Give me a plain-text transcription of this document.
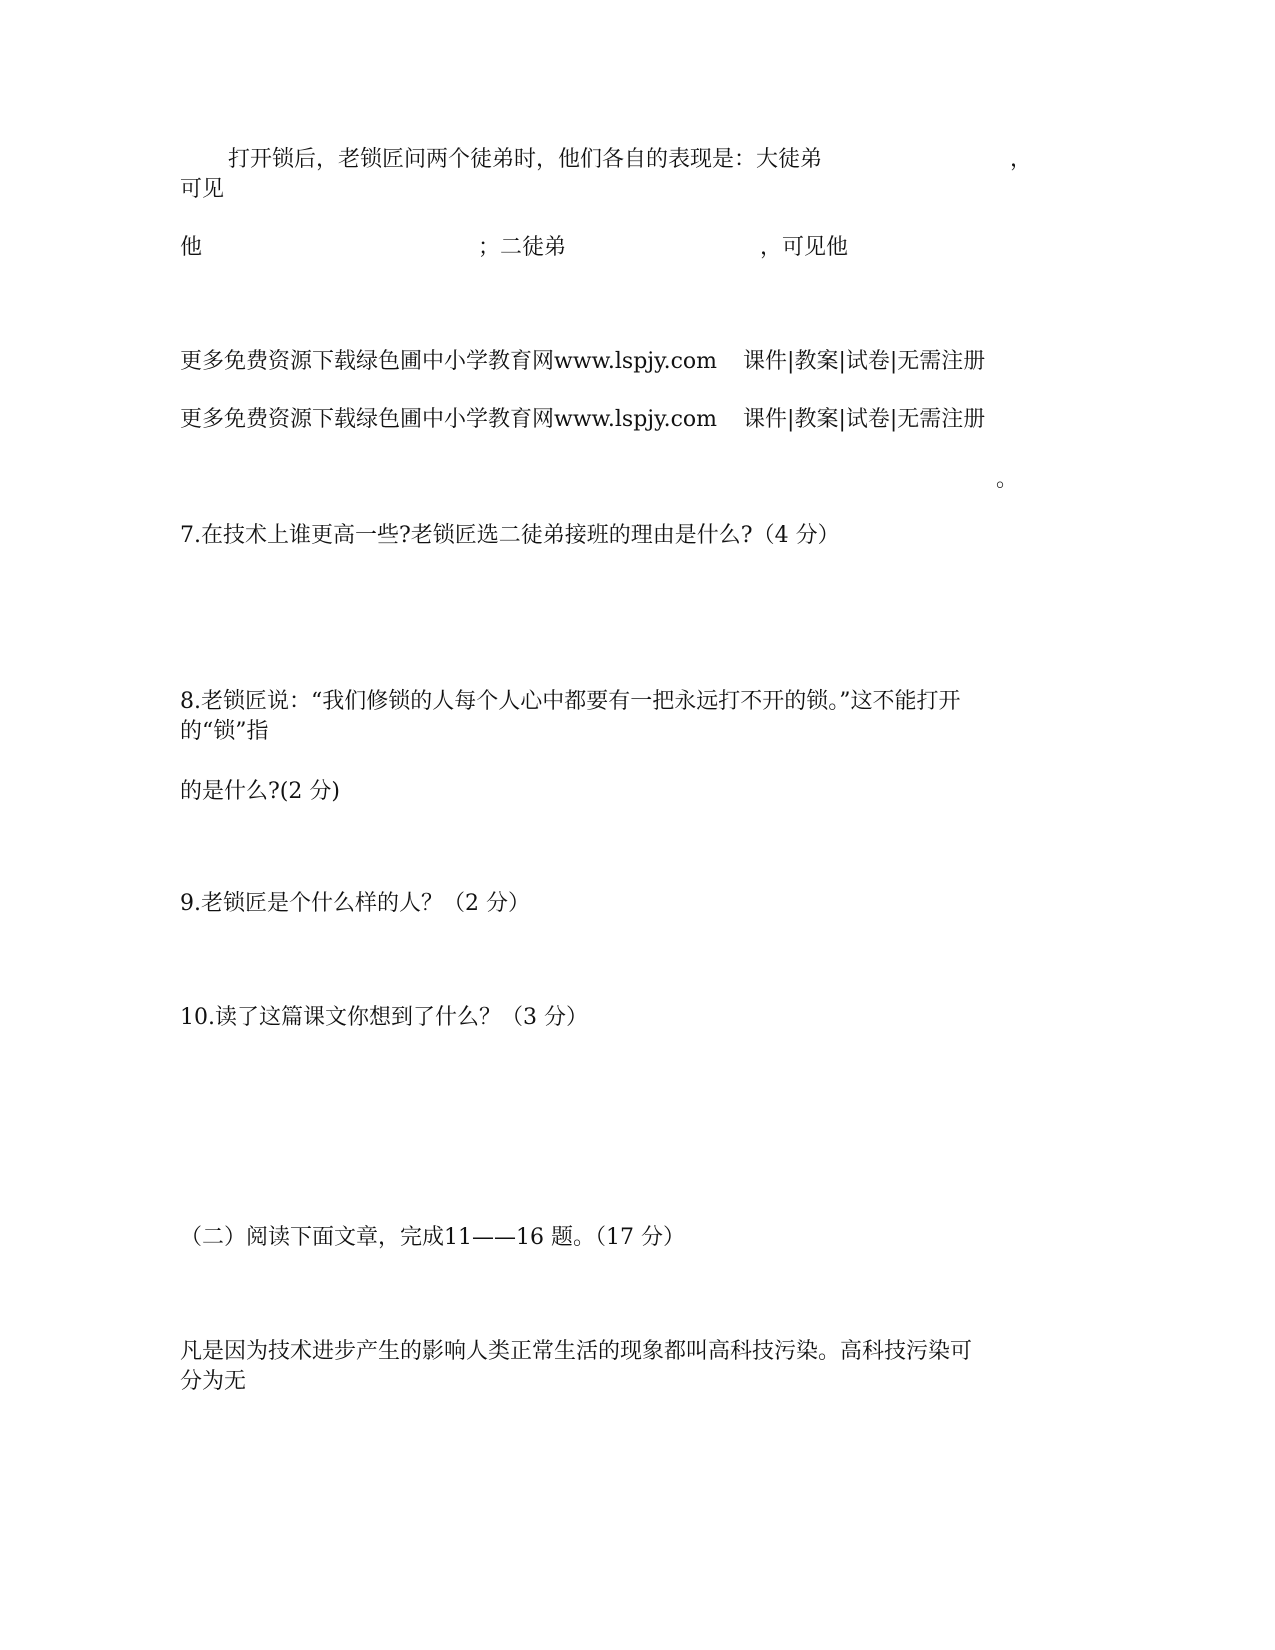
打开锁后，老锁匠问两个徒弟时，他们各自的表现是：大徒弟	，
可见
他	；二徒弟	，可见他
更多免费资源下载绿色圃中小学教育网www.lspjy.com 课件|教案|试卷|无需注册
更多免费资源下载绿色圃中小学教育网www.lspjy.com 课件|教案|试卷|无需注册
。
7.在技术上谁更高一些?老锁匠选二徒弟接班的理由是什么?（4 分）
8.老锁匠说：“我们修锁的人每个人心中都要有一把永远打不开的锁。”这不能打开
的“锁”指
的是什么?(2 分)
9.老锁匠是个什么样的人？（2 分）
10.读了这篇课文你想到了什么？（3 分）
（二）阅读下面文章，完成11——16 题。（17 分）
凡是因为技术进步产生的影响人类正常生活的现象都叫高科技污染。高科技污染可
分为无
